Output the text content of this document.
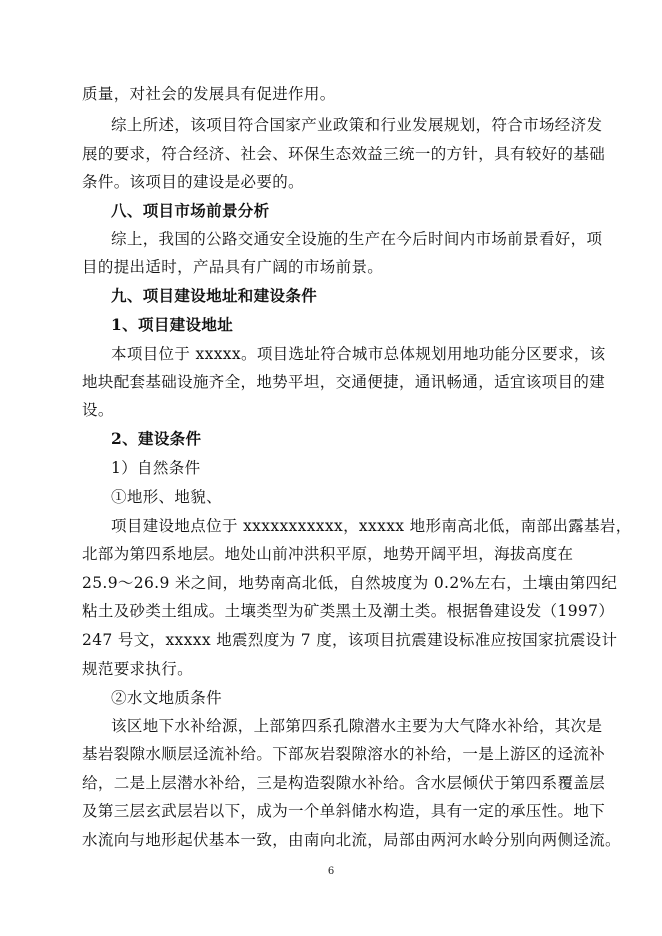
质量，对社会的发展具有促进作用。
综上所述，该项目符合国家产业政策和行业发展规划，符合市场经济发
展的要求，符合经济、社会、环保生态效益三统一的方针，具有较好的基础
条件。该项目的建设是必要的。
八、项目市场前景分析
综上，我国的公路交通安全设施的生产在今后时间内市场前景看好，项
目的提出适时，产品具有广阔的市场前景。
九、项目建设地址和建设条件
1、项目建设地址
本项目位于 xxxxx。项目选址符合城市总体规划用地功能分区要求，该
地块配套基础设施齐全，地势平坦，交通便捷，通讯畅通，适宜该项目的建
设。
2、建设条件
1）自然条件
①地形、地貌、
项目建设地点位于 xxxxxxxxxxx，xxxxx 地形南高北低，南部出露基岩，
北部为第四系地层。地处山前冲洪积平原，地势开阔平坦，海拔高度在
25.9～26.9 米之间，地势南高北低，自然坡度为 0.2%左右，土壤由第四纪
粘土及砂类土组成。土壤类型为矿类黑土及潮土类。根据鲁建设发（1997）
247 号文，xxxxx 地震烈度为 7 度，该项目抗震建设标准应按国家抗震设计
规范要求执行。
②水文地质条件
该区地下水补给源，上部第四系孔隙潜水主要为大气降水补给，其次是
基岩裂隙水顺层迳流补给。下部灰岩裂隙溶水的补给，一是上游区的迳流补
给，二是上层潜水补给，三是构造裂隙水补给。含水层倾伏于第四系覆盖层
及第三层玄武层岩以下，成为一个单斜储水构造，具有一定的承压性。地下
水流向与地形起伏基本一致，由南向北流，局部由两河水岭分别向两侧迳流。
6
